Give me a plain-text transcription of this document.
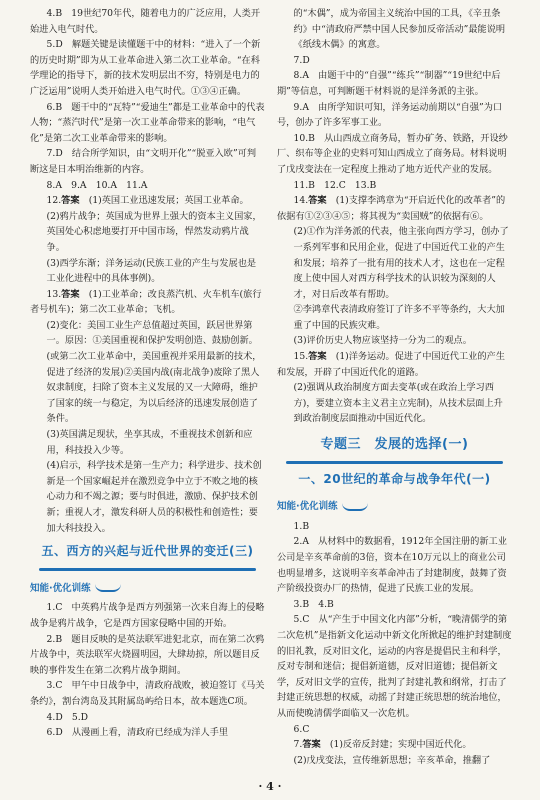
4.B　19世纪70年代，随着电力的广泛应用，人类开始进入电气时代。

5.D　解题关键是读懂题干中的材料：“进入了一个新的历史时期”即为从工业革命进入第二次工业革命。“在科学理论的指导下，新的技术发明层出不穷，特别是电力的广泛运用”说明人类开始进入电气时代。①③④正确。

6.B　题干中的“瓦特”“爱迪生”都是工业革命中的代表人物；“蒸汽时代”是第一次工业革命带来的影响，“电气化”是第二次工业革命带来的影响。

7.D　结合所学知识，由“文明开化”“脱亚入欧”可判断这是日本明治维新的内容。

8.A　9.A　10.A　11.A

12.答案　(1)英国工业迅速发展；英国工业革命。

(2)鸦片战争；英国成为世界上强大的资本主义国家，英国处心积虑地要打开中国市场，悍然发动鸦片战争。

(3)西学东渐；洋务运动(民族工业的产生与发展也是工业化进程中的具体事例)。

13.答案　(1)工业革命；改良蒸汽机、火车机车(旅行者号机车)；第二次工业革命；飞机。

(2)变化：美国工业生产总值超过英国，跃居世界第一。原因：①美国重视和保护发明创造、鼓励创新。(或第二次工业革命中，美国重视并采用最新的技术，促进了经济的发展)②美国内战(南北战争)废除了黑人奴隶制度，扫除了资本主义发展的又一大障碍，维护了国家的统一与稳定，为以后经济的迅速发展创造了条件。

(3)英国满足现状，坐享其成，不重视技术创新和应用，科技投入少等。

(4)启示，科学技术是第一生产力；科学进步、技术创新是一个国家崛起并在激烈竞争中立于不败之地的核心动力和不竭之源；要与时俱进，激励、保护技术创新；重视人才，激发科研人员的积极性和创造性；要加大科技投入。

五、西方的兴起与近代世界的变迁(三)
知能·优化训练

1.C　中英鸦片战争是西方列强第一次来自海上的侵略战争是鸦片战争，它是西方国家侵略中国的开始。

2.B　题目反映的是英法联军进犯北京，而在第二次鸦片战争中，英法联军火烧圆明园，大肆劫掠，所以题目反映的事件发生在第二次鸦片战争期间。

3.C　甲午中日战争中，清政府战败，被迫签订《马关条约》，割台湾岛及其附属岛屿给日本，故本题选C项。

4.D　5.D

6.D　从漫画上看，清政府已经成为洋人手里

的“木偶”，成为帝国主义统治中国的工具，《辛丑条约》中“清政府严禁中国人民参加反帝活动”最能说明《纸线木偶》的寓意。

7.D

8.A　由题干中的“自强”“练兵”“制器”“19世纪中后期”等信息，可判断题干材料说的是洋务派的主张。

9.A　由所学知识可知，洋务运动前期以“自强”为口号，创办了许多军事工业。

10.B　从山西成立商务局，暂办矿务、铁路，开设纱厂、织布等企业的史料可知山西成立了商务局。材料说明了戊戌变法在一定程度上推动了地方近代产业的发展。

11.B　12.C　13.B

14.答案　(1)支撑李鸿章为“开启近代化的改革者”的依据有①②③④⑤；将其视为“卖国贼”的依据有⑥。

(2)①作为洋务派的代表，他主张向西方学习，创办了一系列军事和民用企业，促进了中国近代工业的产生和发展；培养了一批有用的技术人才，这也在一定程度上使中国人对西方科学技术的认识较为深刻的人才，对日后改革有帮助。

②李鸿章代表清政府签订了许多不平等条约，大大加重了中国的民族灾难。

(3)评价历史人物应该坚持一分为二的观点。

15.答案　(1)洋务运动。促进了中国近代工业的产生和发展，开辟了中国近代化的道路。

(2)强调从政治制度方面去变革(或在政治上学习西方)，要建立资本主义君主立宪制)，从技术层面上升到政治制度层面推动中国近代化。

专题三　发展的选择(一)
一、20世纪的革命与战争年代(一)
知能·优化训练

1.B

2.A　从材料中的数据看，1912年全国注册的新工业公司是辛亥革命前的3倍，资本在10万元以上的商业公司也明显增多，这说明辛亥革命冲击了封建制度，鼓舞了资产阶级投资办厂的热情，促进了民族工业的发展。

3.B　4.B

5.C　从“产生于中国文化内部”分析，“晚清儒学的第二次危机”是指新文化运动中新文化所掀起的维护封建制度的旧礼教，反对旧文化，运动的内容是提倡民主和科学，反对专制和迷信；提倡新道德，反对旧道德；提倡新文学，反对旧文学的宣传，批判了封建礼教和纲常，打击了封建正统思想的权威，动摇了封建正统思想的统治地位，从而使晚清儒学面临又一次危机。

6.C

7.答案　(1)反帝反封建；实现中国近代化。

(2)戊戌变法，宣传维新思想；辛亥革命，推翻了

· 4 ·
